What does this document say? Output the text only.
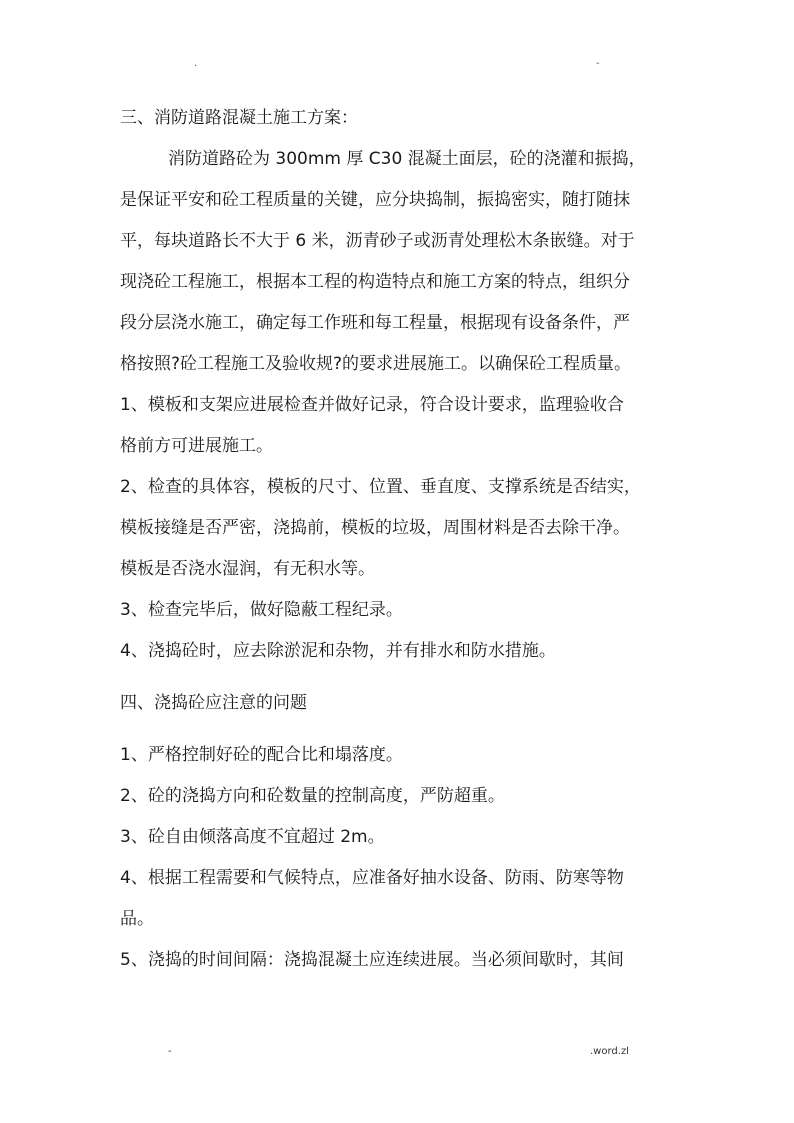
.	-
三、消防道路混凝土施工方案：
消防道路砼为 300mm 厚 C30 混凝土面层，砼的浇灌和振捣，
是保证平安和砼工程质量的关键，应分块捣制，振捣密实，随打随抹
平，每块道路长不大于 6 米，沥青砂子或沥青处理松木条嵌缝。对于
现浇砼工程施工，根据本工程的构造特点和施工方案的特点，组织分
段分层浇水施工，确定每工作班和每工程量，根据现有设备条件，严
格按照?砼工程施工及验收规?的要求进展施工。以确保砼工程质量。
1、模板和支架应进展检查并做好记录，符合设计要求，监理验收合
格前方可进展施工。
2、检查的具体容，模板的尺寸、位置、垂直度、支撑系统是否结实，
模板接缝是否严密，浇捣前，模板的垃圾，周围材料是否去除干净。
模板是否浇水湿润，有无积水等。
3、检查完毕后，做好隐蔽工程纪录。
4、浇捣砼时，应去除淤泥和杂物，并有排水和防水措施。
四、浇捣砼应注意的问题
1、严格控制好砼的配合比和塌落度。
2、砼的浇捣方向和砼数量的控制高度，严防超重。
3、砼自由倾落高度不宜超过 2m。
4、根据工程需要和气候特点，应准备好抽水设备、防雨、防寒等物
品。
5、浇捣的时间间隔：浇捣混凝土应连续进展。当必须间歇时，其间
-	.word.zl
